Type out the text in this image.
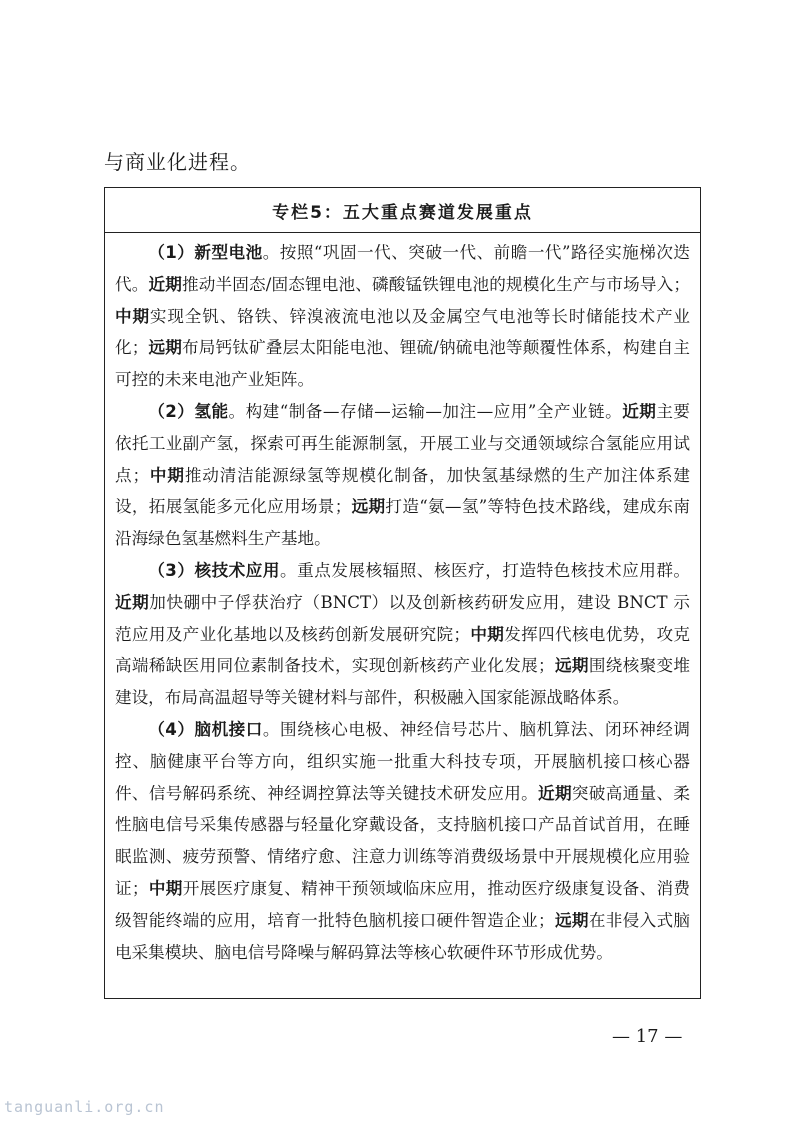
与商业化进程。
专栏5：五大重点赛道发展重点

（1）新型电池。按照“巩固一代、突破一代、前瞻一代”路径实施梯次迭代。近期推动半固态/固态锂电池、磷酸锰铁锂电池的规模化生产与市场导入；中期实现全钒、铬铁、锌溴液流电池以及金属空气电池等长时储能技术产业化；远期布局钙钛矿叠层太阳能电池、锂硫/钠硫电池等颠覆性体系，构建自主可控的未来电池产业矩阵。

（2）氢能。构建“制备—存储—运输—加注—应用”全产业链。近期主要依托工业副产氢，探索可再生能源制氢，开展工业与交通领域综合氢能应用试点；中期推动清洁能源绿氢等规模化制备，加快氢基绿燃的生产加注体系建设，拓展氢能多元化应用场景；远期打造“氨—氢”等特色技术路线，建成东南沿海绿色氢基燃料生产基地。

（3）核技术应用。重点发展核辐照、核医疗，打造特色核技术应用群。近期加快硼中子俘获治疗（BNCT）以及创新核药研发应用，建设 BNCT 示范应用及产业化基地以及核药创新发展研究院；中期发挥四代核电优势，攻克高端稀缺医用同位素制备技术，实现创新核药产业化发展；远期围绕核聚变堆建设，布局高温超导等关键材料与部件，积极融入国家能源战略体系。

（4）脑机接口。围绕核心电极、神经信号芯片、脑机算法、闭环神经调控、脑健康平台等方向，组织实施一批重大科技专项，开展脑机接口核心器件、信号解码系统、神经调控算法等关键技术研发应用。近期突破高通量、柔性脑电信号采集传感器与轻量化穿戴设备，支持脑机接口产品首试首用，在睡眠监测、疲劳预警、情绪疗愈、注意力训练等消费级场景中开展规模化应用验证；中期开展医疗康复、精神干预领域临床应用，推动医疗级康复设备、消费级智能终端的应用，培育一批特色脑机接口硬件智造企业；远期在非侵入式脑电采集模块、脑电信号降噪与解码算法等核心软硬件环节形成优势。

— 17 —
tanguanli.org.cn
